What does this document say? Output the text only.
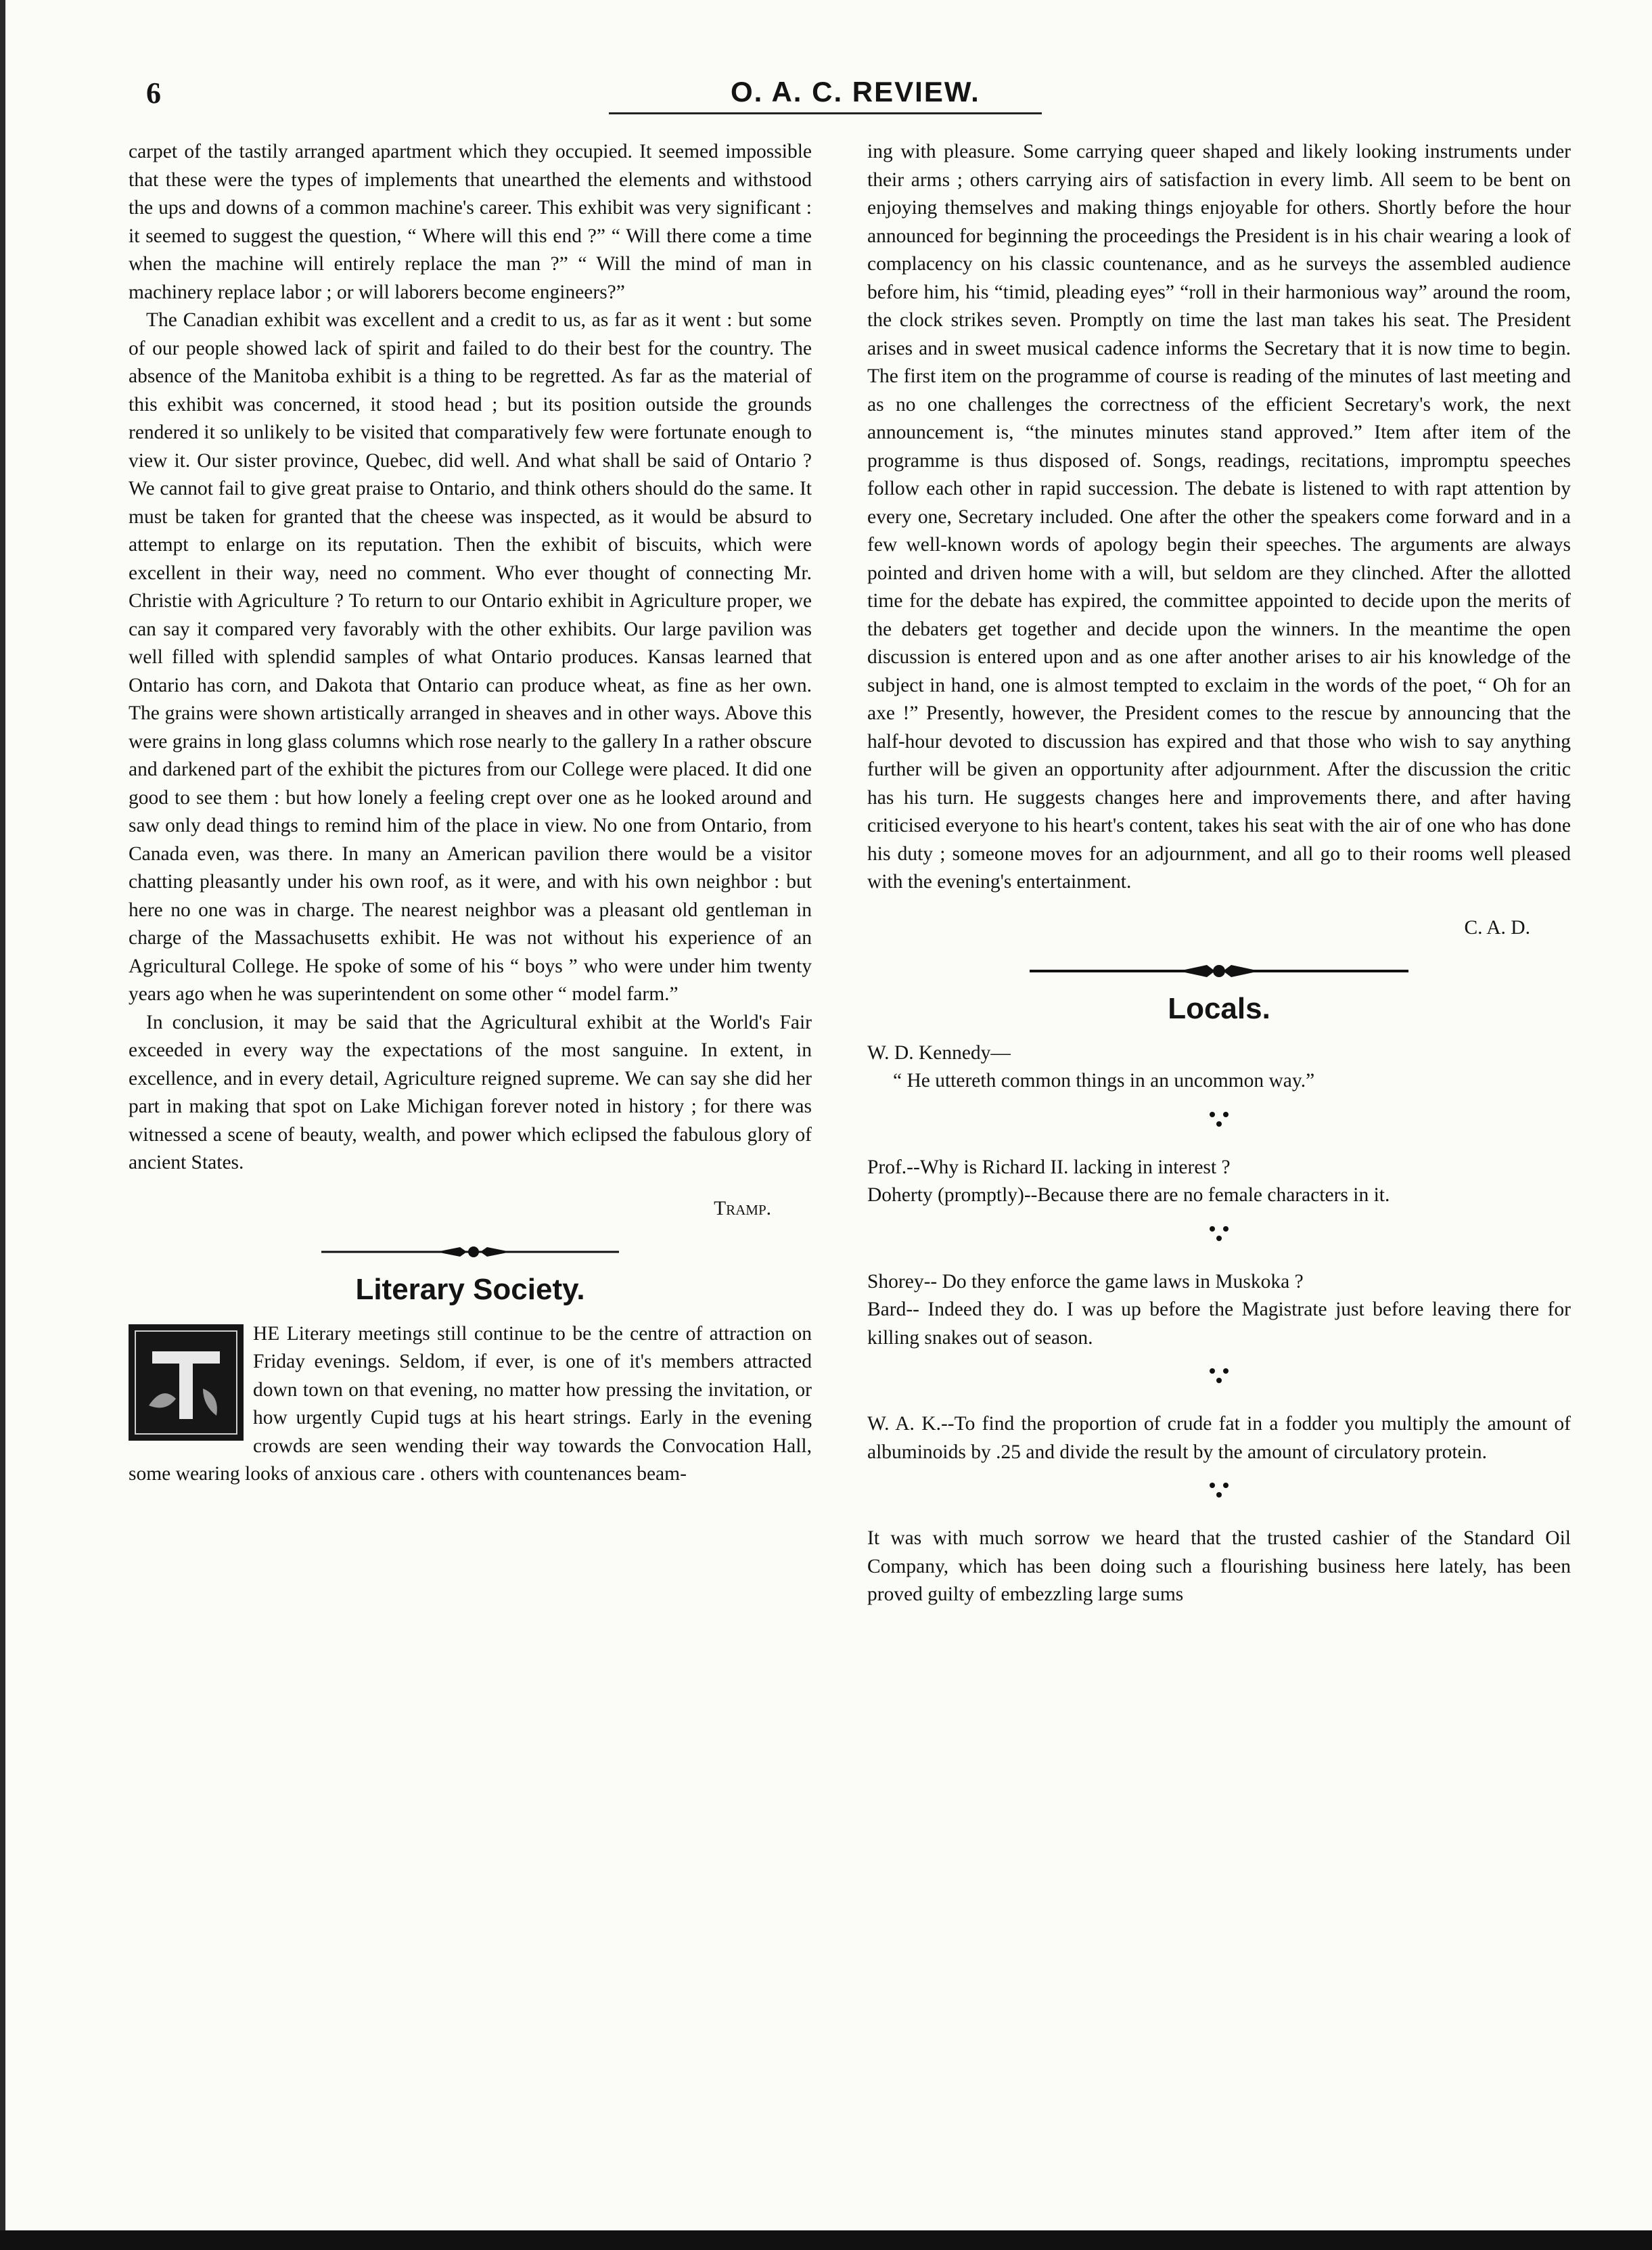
6	O. A. C. REVIEW.

carpet of the tastily arranged apartment which they occupied. It seemed impossible that these were the types of implements that unearthed the elements and withstood the ups and downs of a common machine's career. This exhibit was very significant : it seemed to suggest the question, “ Where will this end ?” “ Will there come a time when the machine will entirely replace the man ?” “ Will the mind of man in machinery replace labor ; or will laborers become engineers?”

The Canadian exhibit was excellent and a credit to us, as far as it went : but some of our people showed lack of spirit and failed to do their best for the country. The absence of the Manitoba exhibit is a thing to be regretted. As far as the material of this exhibit was concerned, it stood head ; but its position outside the grounds rendered it so unlikely to be visited that comparatively few were fortunate enough to view it. Our sister province, Quebec, did well. And what shall be said of Ontario ? We cannot fail to give great praise to Ontario, and think others should do the same. It must be taken for granted that the cheese was inspected, as it would be absurd to attempt to enlarge on its reputation. Then the exhibit of biscuits, which were excellent in their way, need no comment. Who ever thought of connecting Mr. Christie with Agriculture ? To return to our Ontario exhibit in Agriculture proper, we can say it compared very favorably with the other exhibits. Our large pavilion was well filled with splendid samples of what Ontario produces. Kansas learned that Ontario has corn, and Dakota that Ontario can produce wheat, as fine as her own. The grains were shown artistically arranged in sheaves and in other ways. Above this were grains in long glass columns which rose nearly to the gallery In a rather obscure and darkened part of the exhibit the pictures from our College were placed. It did one good to see them : but how lonely a feeling crept over one as he looked around and saw only dead things to remind him of the place in view. No one from Ontario, from Canada even, was there. In many an American pavilion there would be a visitor chatting pleasantly under his own roof, as it were, and with his own neighbor : but here no one was in charge. The nearest neighbor was a pleasant old gentleman in charge of the Massachusetts exhibit. He was not without his experience of an Agricultural College. He spoke of some of his “ boys ” who were under him twenty years ago when he was superintendent on some other “ model farm.”

In conclusion, it may be said that the Agricultural exhibit at the World's Fair exceeded in every way the expectations of the most sanguine. In extent, in excellence, and in every detail, Agriculture reigned supreme. We can say she did her part in making that spot on Lake Michigan forever noted in history ; for there was witnessed a scene of beauty, wealth, and power which eclipsed the fabulous glory of ancient States.

Tramp.

Literary Society.

HE Literary meetings still continue to be the centre of attraction on Friday evenings. Seldom, if ever, is one of it's members attracted down town on that evening, no matter how pressing the invitation, or how urgently Cupid tugs at his heart strings. Early in the evening crowds are seen wending their way towards the Convocation Hall, some wearing looks of anxious care . others with countenances beam-

ing with pleasure. Some carrying queer shaped and likely looking instruments under their arms ; others carrying airs of satisfaction in every limb. All seem to be bent on enjoying themselves and making things enjoyable for others. Shortly before the hour announced for beginning the proceedings the President is in his chair wearing a look of complacency on his classic countenance, and as he surveys the assembled audience before him, his “timid, pleading eyes” “roll in their harmonious way” around the room, the clock strikes seven. Promptly on time the last man takes his seat. The President arises and in sweet musical cadence informs the Secretary that it is now time to begin. The first item on the programme of course is reading of the minutes of last meeting and as no one challenges the correctness of the efficient Secretary's work, the next announcement is, “the minutes minutes stand approved.” Item after item of the programme is thus disposed of. Songs, readings, recitations, impromptu speeches follow each other in rapid succession. The debate is listened to with rapt attention by every one, Secretary included. One after the other the speakers come forward and in a few well-known words of apology begin their speeches. The arguments are always pointed and driven home with a will, but seldom are they clinched. After the allotted time for the debate has expired, the committee appointed to decide upon the merits of the debaters get together and decide upon the winners. In the meantime the open discussion is entered upon and as one after another arises to air his knowledge of the subject in hand, one is almost tempted to exclaim in the words of the poet, “ Oh for an axe !” Presently, however, the President comes to the rescue by announcing that the half-hour devoted to discussion has expired and that those who wish to say anything further will be given an opportunity after adjournment. After the discussion the critic has his turn. He suggests changes here and improvements there, and after having criticised everyone to his heart's content, takes his seat with the air of one who has done his duty ; someone moves for an adjournment, and all go to their rooms well pleased with the evening's entertainment.

C. A. D.

Locals.

W. D. Kennedy—

“ He uttereth common things in an uncommon way.”

Prof.--Why is Richard II. lacking in interest ?

Doherty (promptly)--Because there are no female characters in it.

Shorey-- Do they enforce the game laws in Muskoka ?

Bard-- Indeed they do. I was up before the Magistrate just before leaving there for killing snakes out of season.

W. A. K.--To find the proportion of crude fat in a fodder you multiply the amount of albuminoids by .25 and divide the result by the amount of circulatory protein.

It was with much sorrow we heard that the trusted cashier of the Standard Oil Company, which has been doing such a flourishing business here lately, has been proved guilty of embezzling large sums
